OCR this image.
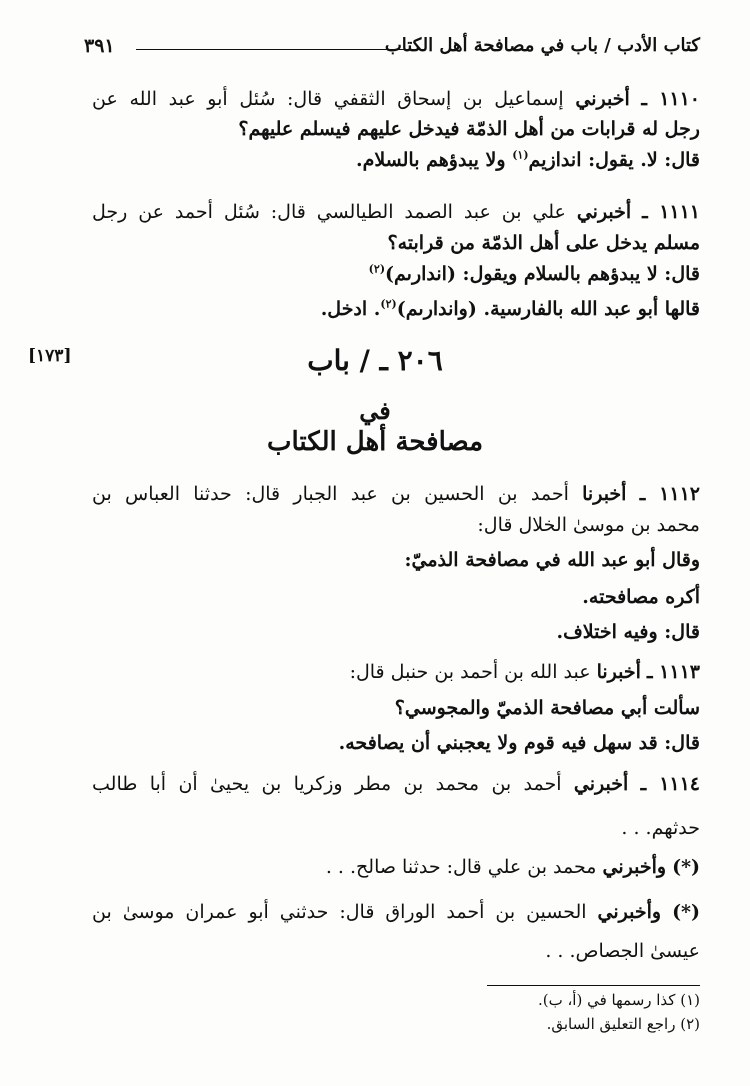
كتاب الأدب / باب في مصافحة أهل الكتاب
٣٩١
١١١٠ ـ أخبرني إسماعيل بن إسحاق الثقفي قال: سُئل أبو عبد الله عن
رجل له قرابات من أهل الذمّة فيدخل عليهم فيسلم عليهم؟
قال: لا. يقول: اندازيم$^{(١)}$ ولا يبدؤهم بالسلام.
١١١١ ـ أخبرني علي بن عبد الصمد الطيالسي قال: سُئل أحمد عن رجل
مسلم يدخل على أهل الذمّة من قرابته؟
قال: لا يبدؤهم بالسلام ويقول: (اندارىم)$^{(٢)}$
قالها أبو عبد الله بالفارسية. (واندارىم)$^{(٢)}$. ادخل.
٢٠٦ ـ / باب
[١٧٣]
في
مصافحة أهل الكتاب
١١١٢ ـ أخبرنا أحمد بن الحسين بن عبد الجبار قال: حدثنا العباس بن
محمد بن موسىٰ الخلال قال:
وقال أبو عبد الله في مصافحة الذميّ:
أكره مصافحته.
قال: وفيه اختلاف.
١١١٣ ـ أخبرنا عبد الله بن أحمد بن حنبل قال:
سألت أبي مصافحة الذميّ والمجوسي؟
قال: قد سهل فيه قوم ولا يعجبني أن يصافحه.
١١١٤ ـ أخبرني أحمد بن محمد بن مطر وزكريا بن يحيىٰ أن أبا طالب
حدثهم. . .
(*) وأخبرني محمد بن علي قال: حدثنا صالح. . .
(*) وأخبرني الحسين بن أحمد الوراق قال: حدثني أبو عمران موسىٰ بن
عيسىٰ الجصاص. . .
(١) كذا رسمها في (أ، ب).
(٢) راجع التعليق السابق.
